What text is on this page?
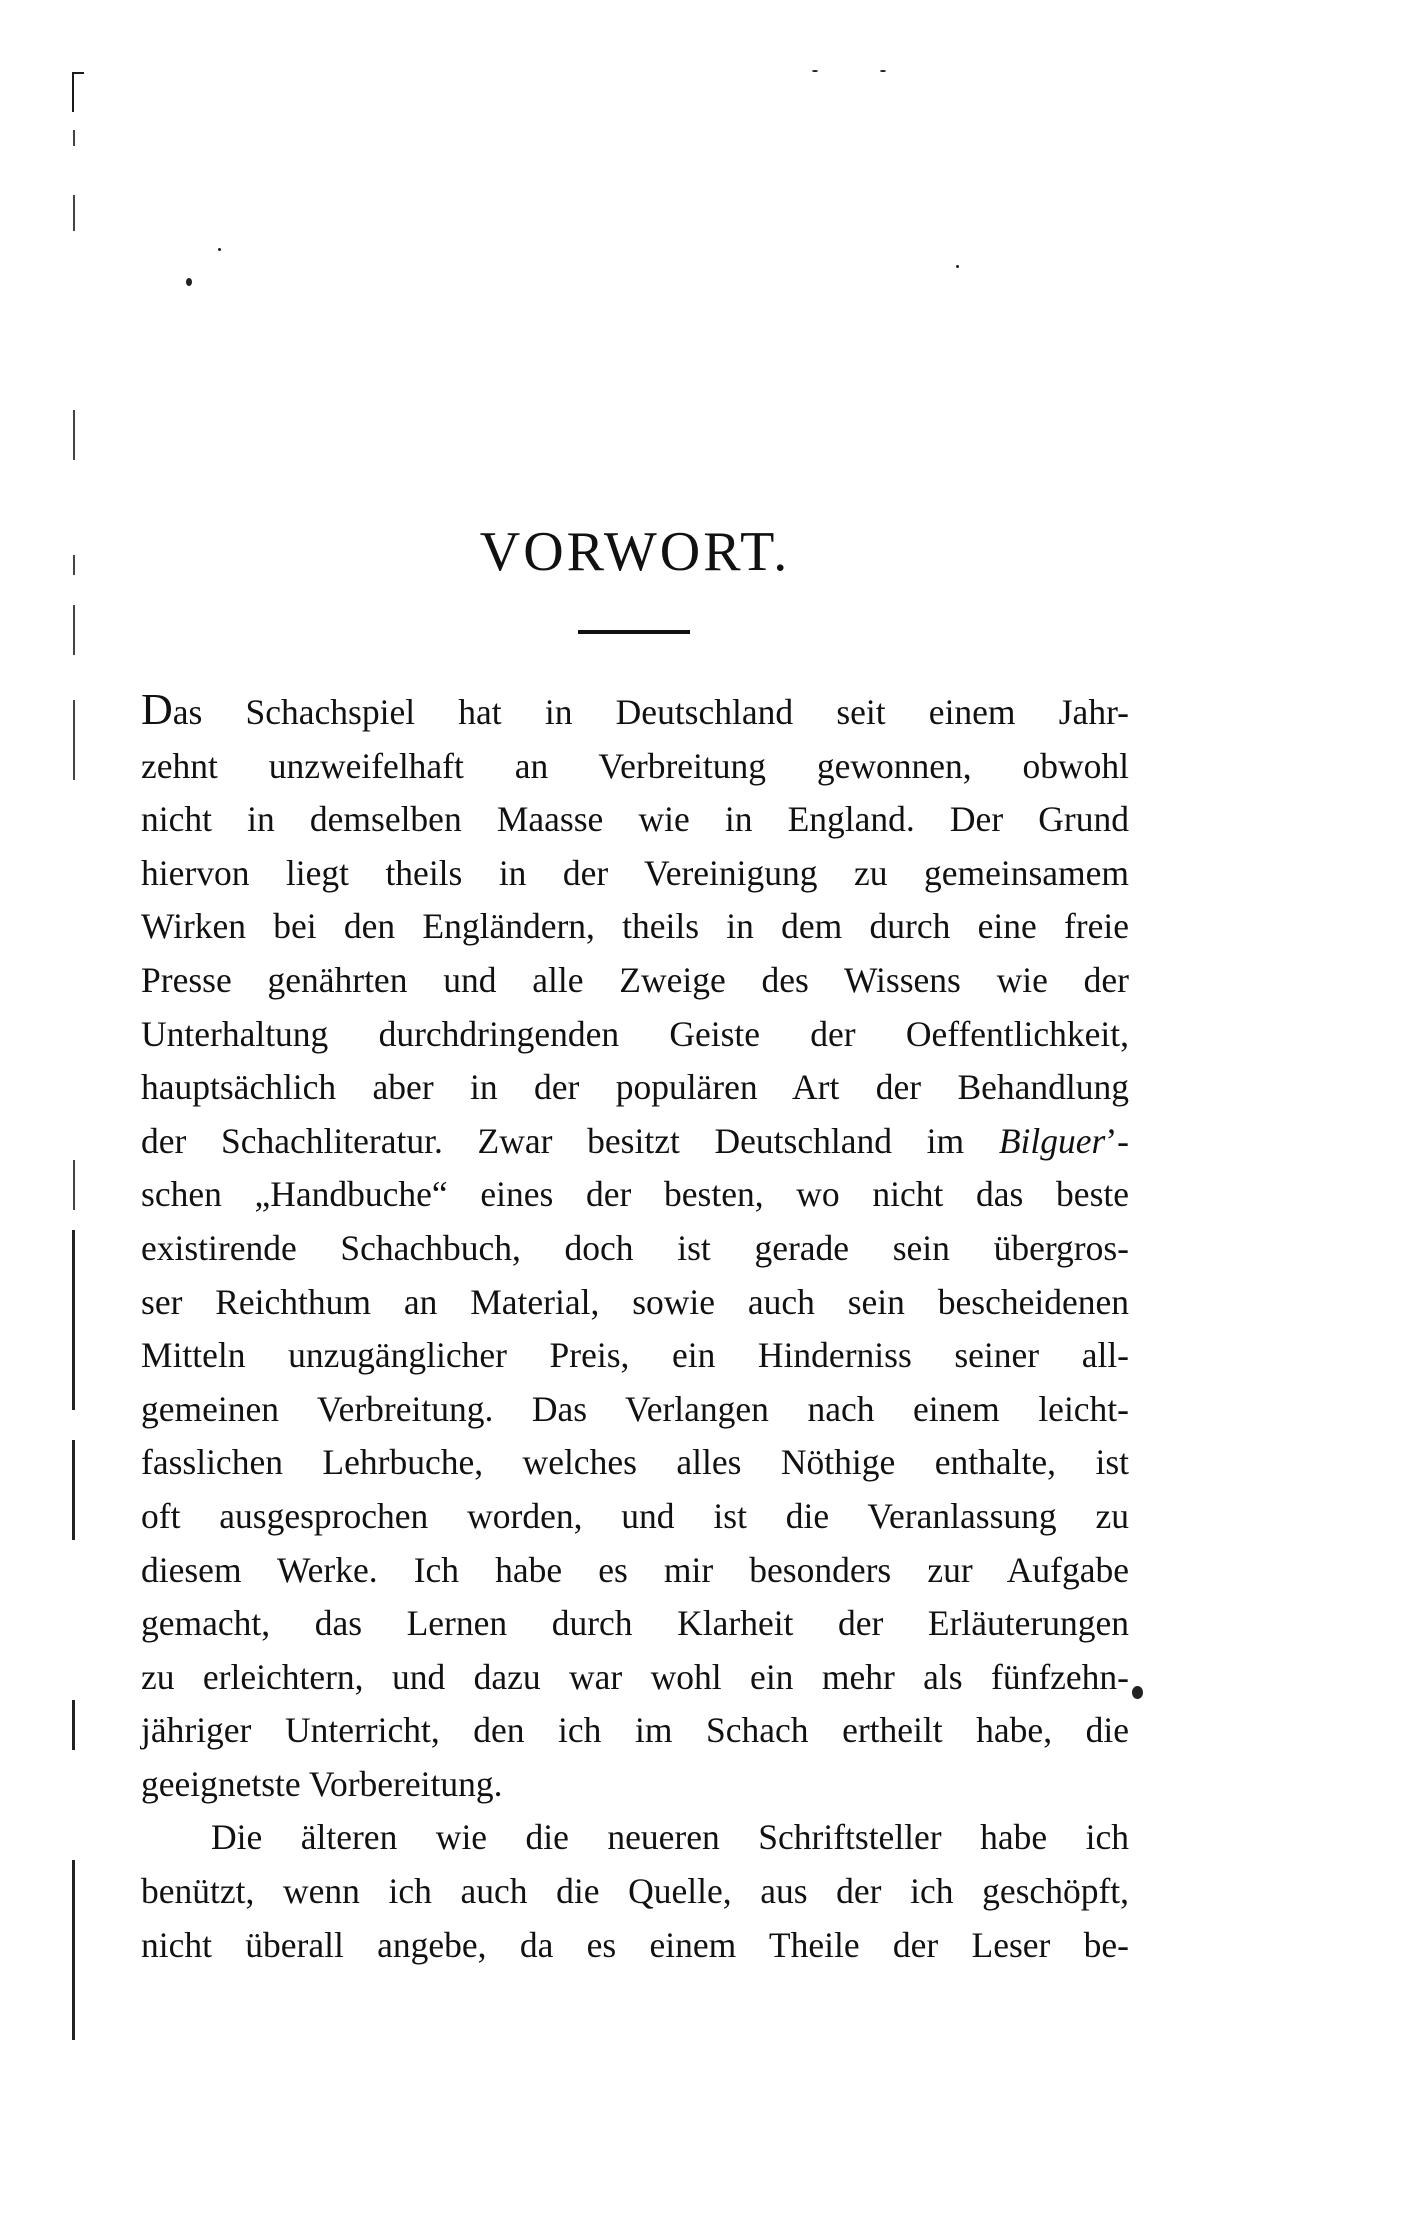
VORWORT.
Das Schachspiel hat in Deutschland seit einem Jahr-
zehnt unzweifelhaft an Verbreitung gewonnen, obwohl
nicht in demselben Maasse wie in England. Der Grund
hiervon liegt theils in der Vereinigung zu gemeinsamem
Wirken bei den Engländern, theils in dem durch eine freie
Presse genährten und alle Zweige des Wissens wie der
Unterhaltung durchdringenden Geiste der Oeffentlichkeit,
hauptsächlich aber in der populären Art der Behandlung
der Schachliteratur. Zwar besitzt Deutschland im Bilguer’-
schen „Handbuche“ eines der besten, wo nicht das beste
existirende Schachbuch, doch ist gerade sein übergros-
ser Reichthum an Material, sowie auch sein bescheidenen
Mitteln unzugänglicher Preis, ein Hinderniss seiner all-
gemeinen Verbreitung. Das Verlangen nach einem leicht-
fasslichen Lehrbuche, welches alles Nöthige enthalte, ist
oft ausgesprochen worden, und ist die Veranlassung zu
diesem Werke. Ich habe es mir besonders zur Aufgabe
gemacht, das Lernen durch Klarheit der Erläuterungen
zu erleichtern, und dazu war wohl ein mehr als fünfzehn-
jähriger Unterricht, den ich im Schach ertheilt habe, die
geeignetste Vorbereitung.
Die älteren wie die neueren Schriftsteller habe ich
benützt, wenn ich auch die Quelle, aus der ich geschöpft,
nicht überall angebe, da es einem Theile der Leser be-
